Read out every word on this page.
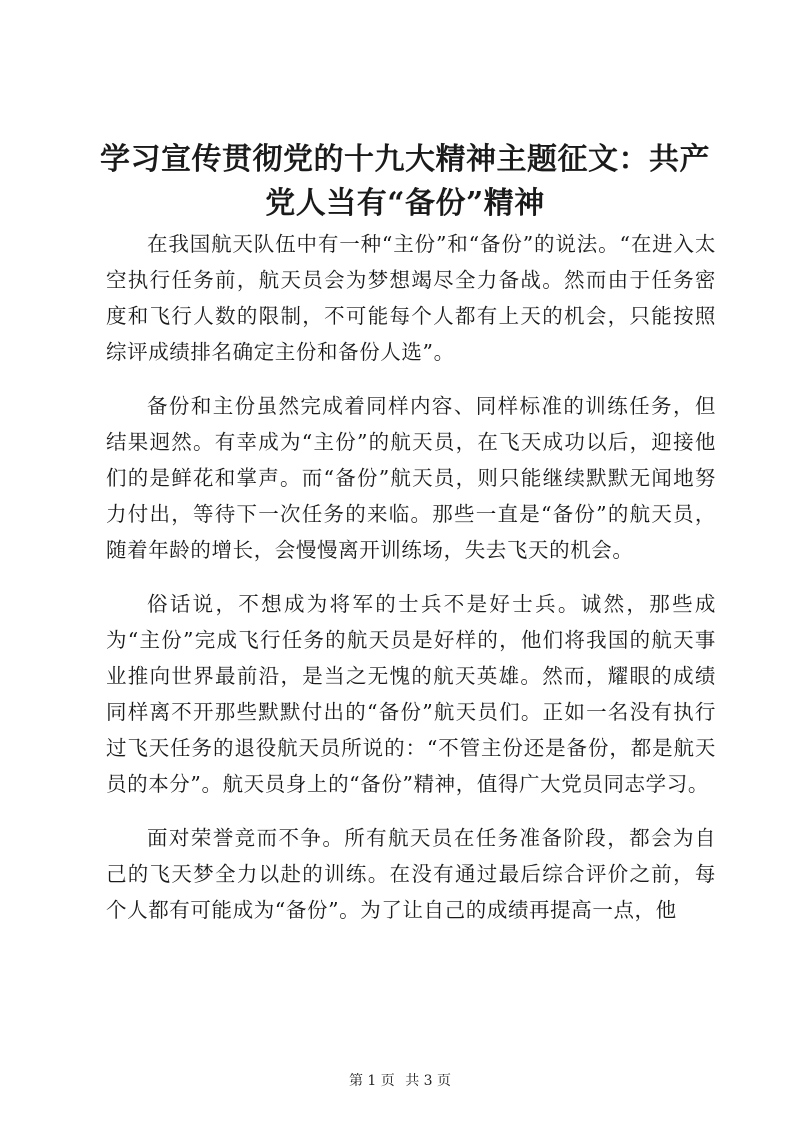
学习宣传贯彻党的十九大精神主题征文：共产党人当有“备份”精神

在我国航天队伍中有一种“主份”和“备份”的说法。“在进入太空执行任务前，航天员会为梦想竭尽全力备战。然而由于任务密度和飞行人数的限制，不可能每个人都有上天的机会，只能按照综评成绩排名确定主份和备份人选”。

备份和主份虽然完成着同样内容、同样标准的训练任务，但结果迥然。有幸成为“主份”的航天员，在飞天成功以后，迎接他们的是鲜花和掌声。而“备份”航天员，则只能继续默默无闻地努力付出，等待下一次任务的来临。那些一直是“备份”的航天员，随着年龄的增长，会慢慢离开训练场，失去飞天的机会。

俗话说，不想成为将军的士兵不是好士兵。诚然，那些成为“主份”完成飞行任务的航天员是好样的，他们将我国的航天事业推向世界最前沿，是当之无愧的航天英雄。然而，耀眼的成绩同样离不开那些默默付出的“备份”航天员们。正如一名没有执行过飞天任务的退役航天员所说的：“不管主份还是备份，都是航天员的本分”。航天员身上的“备份”精神，值得广大党员同志学习。

面对荣誉竞而不争。所有航天员在任务准备阶段，都会为自己的飞天梦全力以赴的训练。在没有通过最后综合评价之前，每个人都有可能成为“备份”。为了让自己的成绩再提高一点，他

第 1 页 共 3 页
